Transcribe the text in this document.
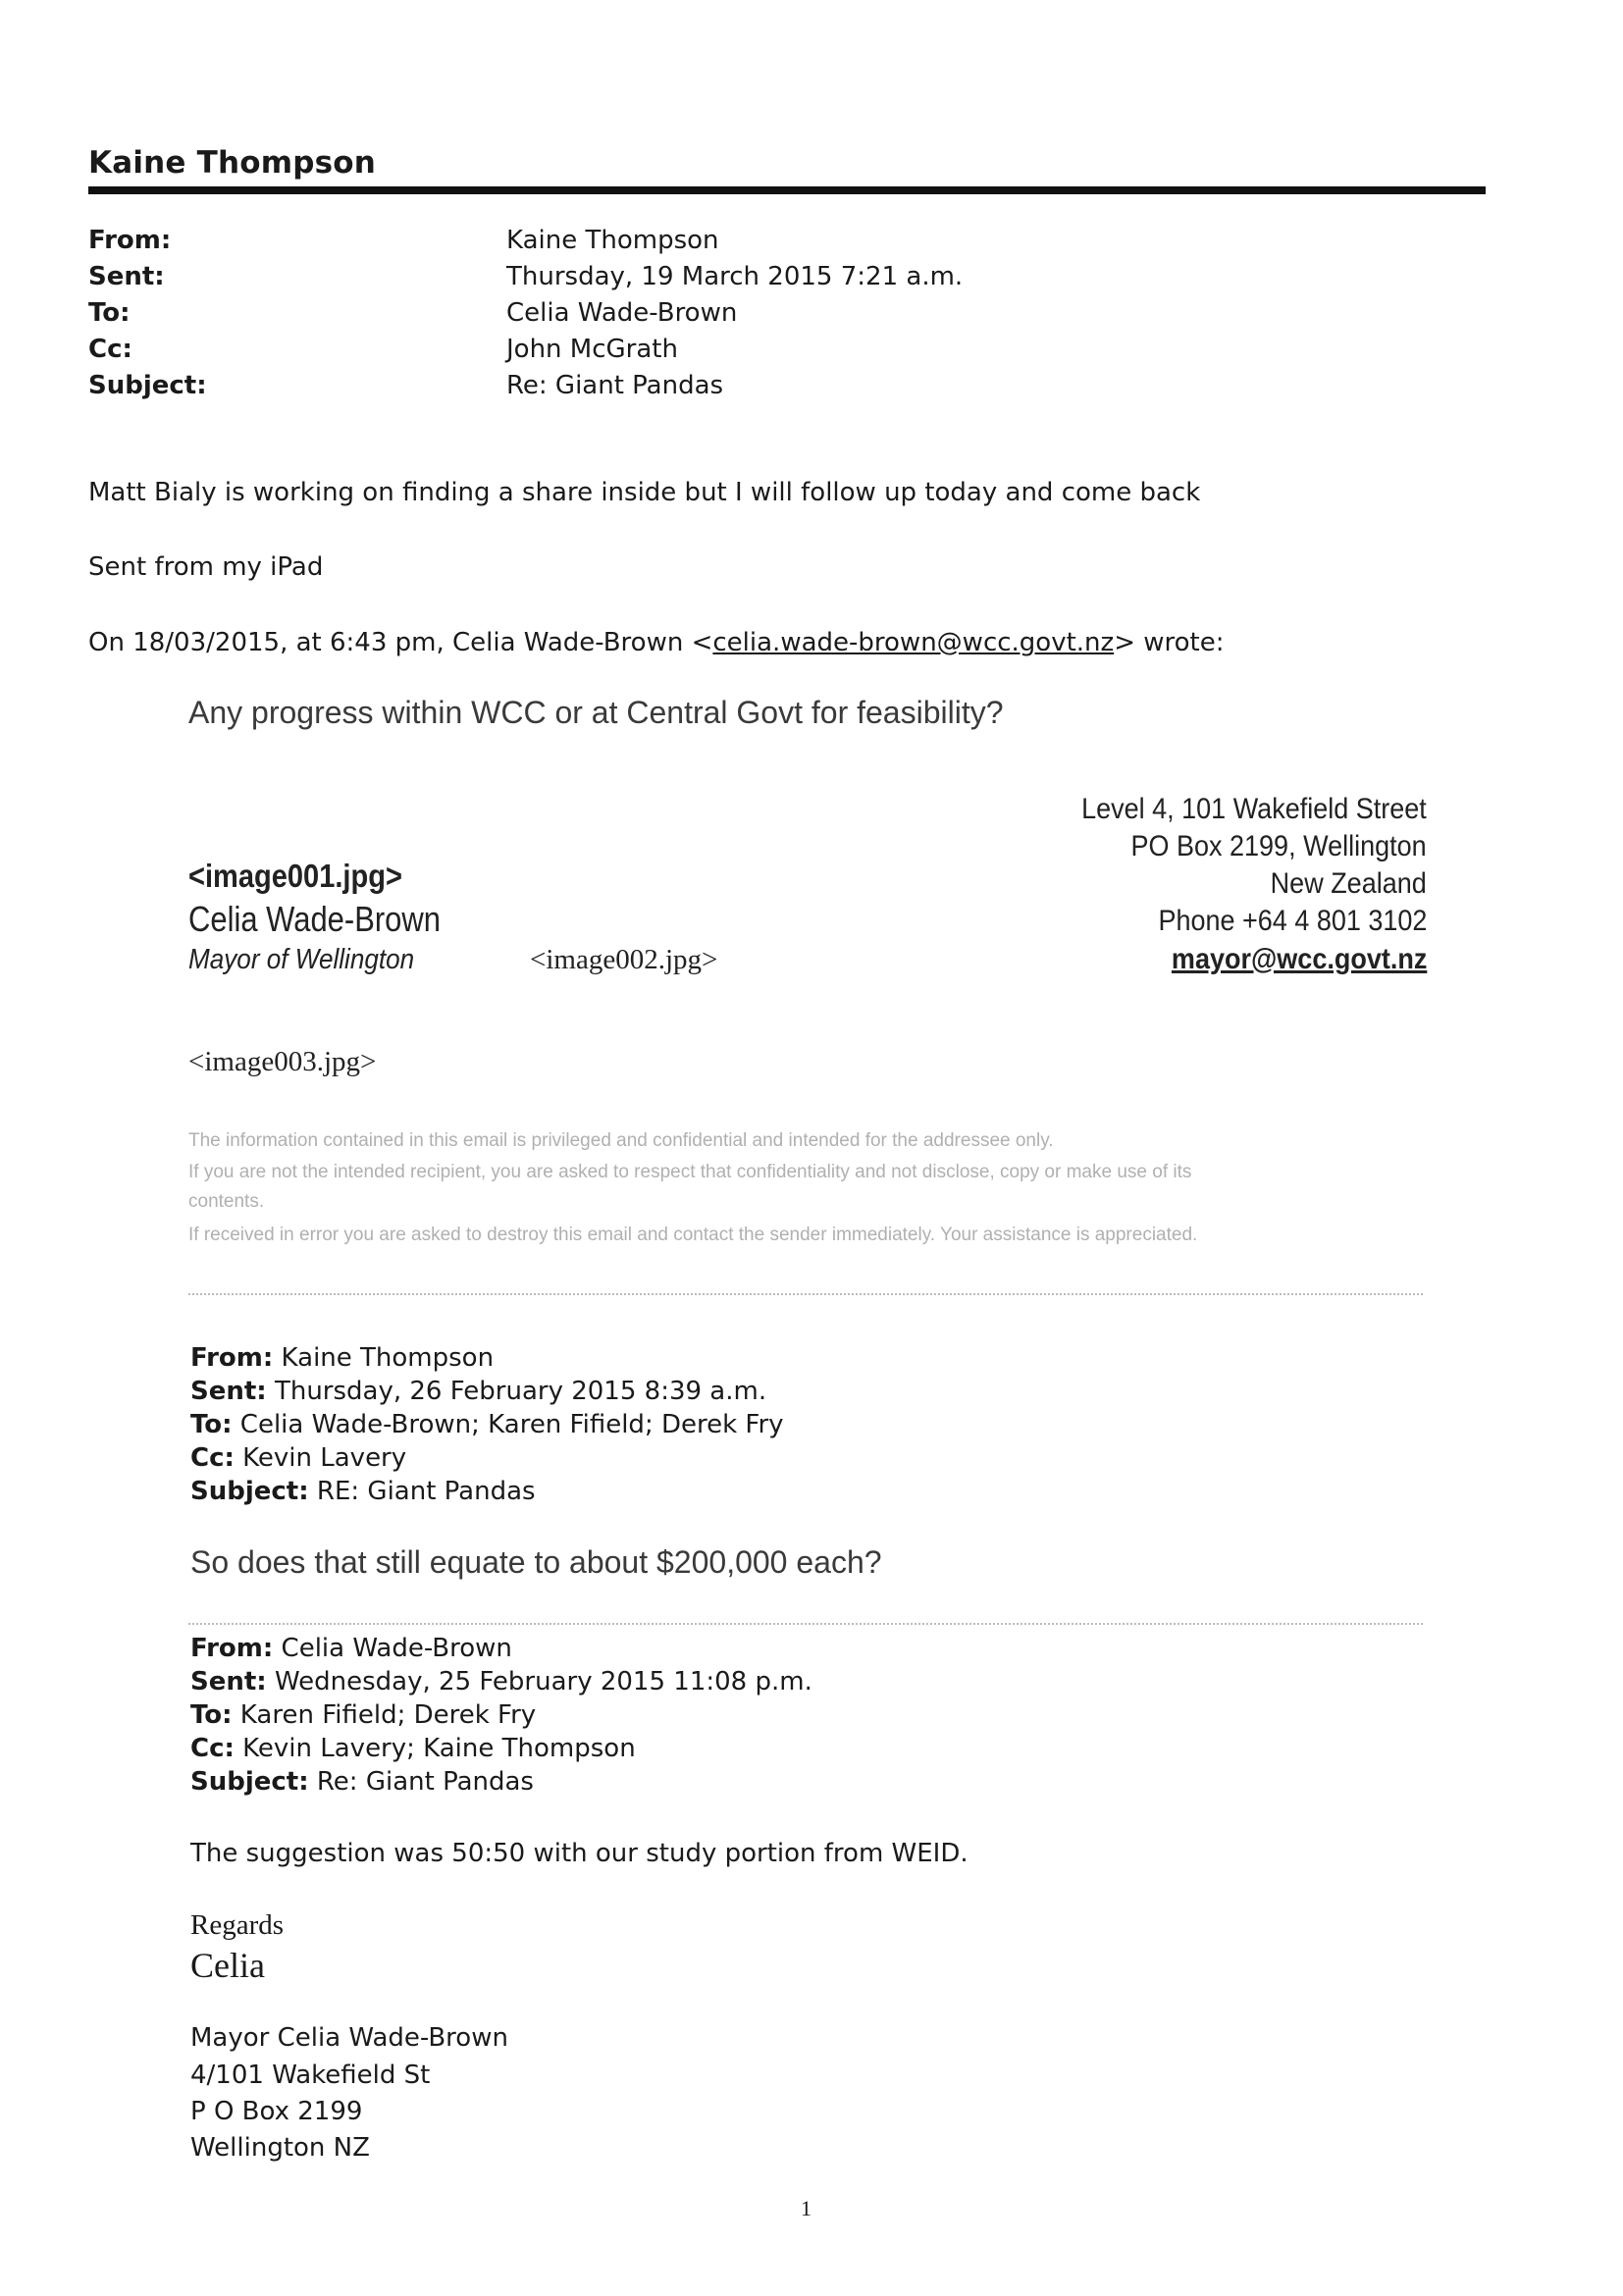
Kaine Thompson
From:	Kaine Thompson
Sent:	Thursday, 19 March 2015 7:21 a.m.
To:	Celia Wade-Brown
Cc:	John McGrath
Subject:	Re: Giant Pandas
Matt Bialy is working on finding a share inside but I will follow up today and come back
Sent from my iPad
On 18/03/2015, at 6:43 pm, Celia Wade-Brown <celia.wade-brown@wcc.govt.nz> wrote:
Any progress within WCC or at Central Govt for feasibility?
Level 4, 101 Wakefield Street
PO Box 2199, Wellington
New Zealand
Phone +64 4 801 3102
mayor@wcc.govt.nz
<image001.jpg>
Celia Wade-Brown
Mayor of Wellington	<image002.jpg>
<image003.jpg>
The information contained in this email is privileged and confidential and intended for the addressee only.
If you are not the intended recipient, you are asked to respect that confidentiality and not disclose, copy or make use of its
contents.
If received in error you are asked to destroy this email and contact the sender immediately. Your assistance is appreciated.
From: Kaine Thompson
Sent: Thursday, 26 February 2015 8:39 a.m.
To: Celia Wade-Brown; Karen Fifield; Derek Fry
Cc: Kevin Lavery
Subject: RE: Giant Pandas
So does that still equate to about $200,000 each?
From: Celia Wade-Brown
Sent: Wednesday, 25 February 2015 11:08 p.m.
To: Karen Fifield; Derek Fry
Cc: Kevin Lavery; Kaine Thompson
Subject: Re: Giant Pandas
The suggestion was 50:50 with our study portion from WEID.
Regards
Celia
Mayor Celia Wade-Brown
4/101 Wakefield St
P O Box 2199
Wellington NZ
1
